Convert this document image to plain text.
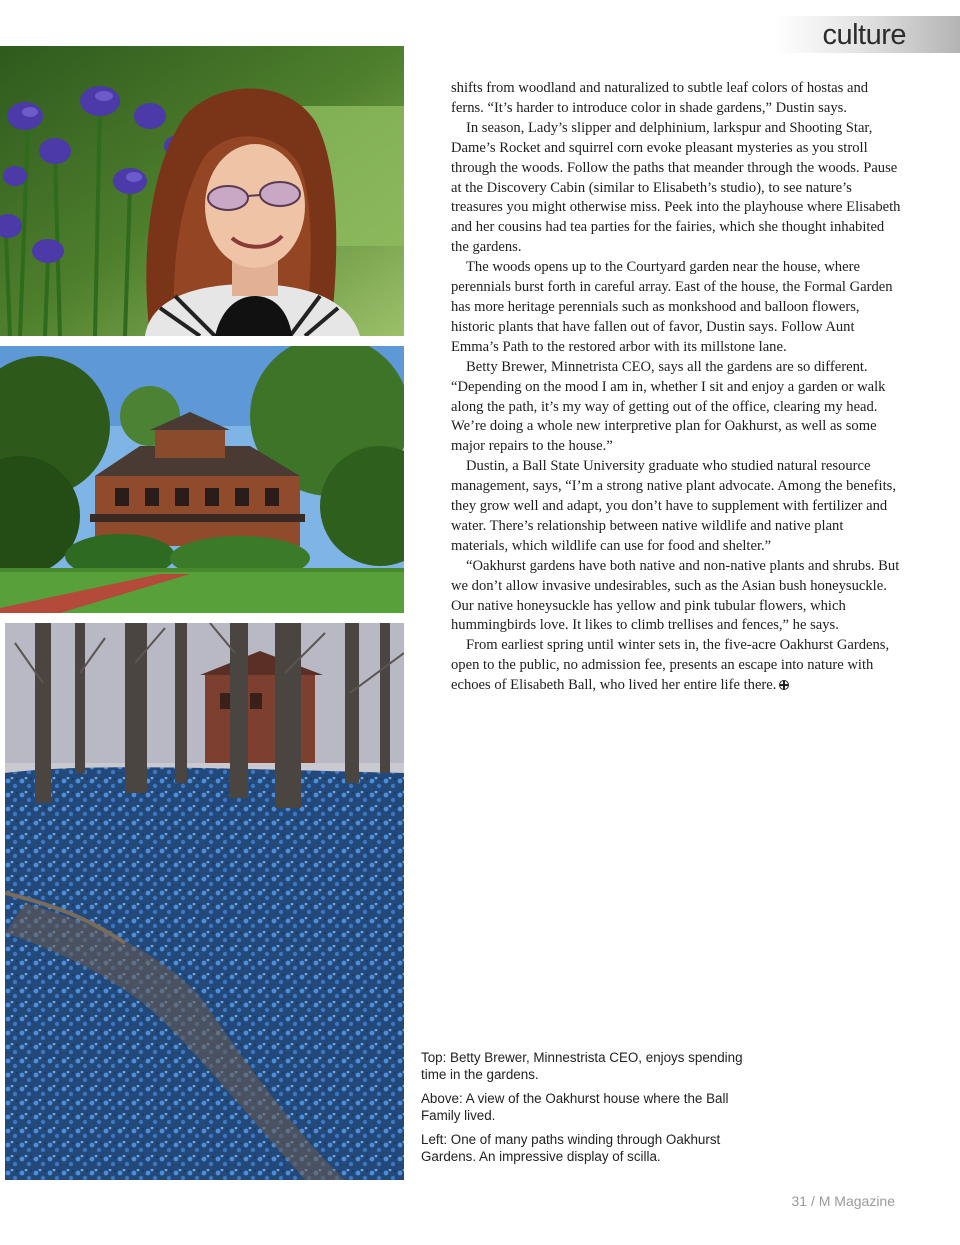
culture

shifts from woodland and naturalized to subtle leaf colors of hostas and ferns. “It’s harder to introduce color in shade gardens,” Dustin says.

In season, Lady’s slipper and delphinium, larkspur and Shooting Star, Dame’s Rocket and squirrel corn evoke pleasant mysteries as you stroll through the woods. Follow the paths that meander through the woods. Pause at the Discovery Cabin (similar to Elisabeth’s studio), to see nature’s treasures you might otherwise miss. Peek into the playhouse where Elisabeth and her cousins had tea parties for the fairies, which she thought inhabited the gardens.

The woods opens up to the Courtyard garden near the house, where perennials burst forth in careful array. East of the house, the Formal Garden has more heritage perennials such as monkshood and balloon flowers, historic plants that have fallen out of favor, Dustin says. Follow Aunt Emma’s Path to the restored arbor with its millstone lane.

Betty Brewer, Minnetrista CEO, says all the gardens are so different. “Depending on the mood I am in, whether I sit and enjoy a garden or walk along the path, it’s my way of getting out of the office, clearing my head. We’re doing a whole new interpretive plan for Oakhurst, as well as some major repairs to the house.”

Dustin, a Ball State University graduate who studied natural resource management, says, “I’m a strong native plant advocate. Among the benefits, they grow well and adapt, you don’t have to supplement with fertilizer and water. There’s relationship between native wildlife and native plant materials, which wildlife can use for food and shelter.”

“Oakhurst gardens have both native and non-native plants and shrubs. But we don’t allow invasive undesirables, such as the Asian bush honeysuckle. Our native honeysuckle has yellow and pink tubular flowers, which hummingbirds love. It likes to climb trellises and fences,” he says.

From earliest spring until winter sets in, the five-acre Oakhurst Gardens, open to the public, no admission fee, presents an escape into nature with echoes of Elisabeth Ball, who lived her entire life there.

Top: Betty Brewer, Minnestrista CEO, enjoys spending time in the gardens.

Above: A view of the Oakhurst house where the Ball Family lived.

Left: One of many paths winding through Oakhurst Gardens. An impressive display of scilla.

31 / M Magazine
